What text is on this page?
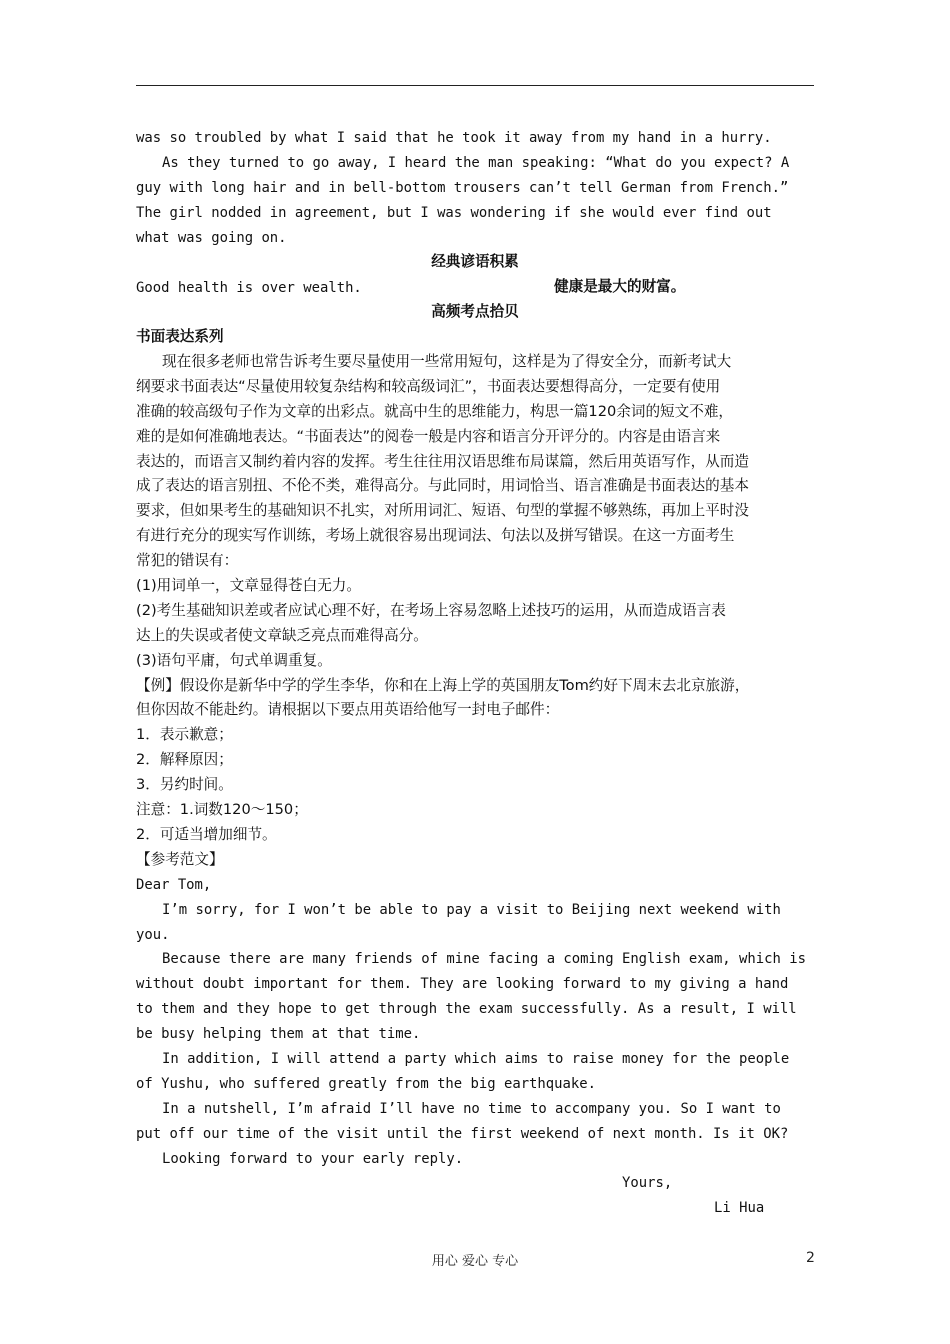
was so troubled by what I said that he took it away from my hand in a hurry.
As they turned to go away, I heard the man speaking: “What do you expect? A
guy with long hair and in bell-bottom trousers can’t tell German from French.”
The girl nodded in agreement, but I was wondering if she would ever find out
what was going on.
经典谚语积累
Good health is over wealth.	健康是最大的财富。
高频考点拾贝
书面表达系列
现在很多老师也常告诉考生要尽量使用一些常用短句，这样是为了得安全分，而新考试大
纲要求书面表达“尽量使用较复杂结构和较高级词汇”，书面表达要想得高分，一定要有使用
准确的较高级句子作为文章的出彩点。就高中生的思维能力，构思一篇120余词的短文不难，
难的是如何准确地表达。“书面表达”的阅卷一般是内容和语言分开评分的。内容是由语言来
表达的，而语言又制约着内容的发挥。考生往往用汉语思维布局谋篇，然后用英语写作，从而造
成了表达的语言别扭、不伦不类，难得高分。与此同时，用词恰当、语言准确是书面表达的基本
要求，但如果考生的基础知识不扎实，对所用词汇、短语、句型的掌握不够熟练，再加上平时没
有进行充分的现实写作训练，考场上就很容易出现词法、句法以及拼写错误。在这一方面考生
常犯的错误有：
(1)用词单一，文章显得苍白无力。
(2)考生基础知识差或者应试心理不好，在考场上容易忽略上述技巧的运用，从而造成语言表
达上的失误或者使文章缺乏亮点而难得高分。
(3)语句平庸，句式单调重复。
【例】假设你是新华中学的学生李华，你和在上海上学的英国朋友Tom约好下周末去北京旅游，
但你因故不能赴约。请根据以下要点用英语给他写一封电子邮件：
1．表示歉意；
2．解释原因；
3．另约时间。
注意：1.词数120～150；
2．可适当增加细节。
【参考范文】
Dear Tom,
I’m sorry, for I won’t be able to pay a visit to Beijing next weekend with
you.
Because there are many friends of mine facing a coming English exam, which is
without doubt important for them. They are looking forward to my giving a hand
to them and they hope to get through the exam successfully. As a result, I will
be busy helping them at that time.
In addition, I will attend a party which aims to raise money for the people
of Yushu, who suffered greatly from the big earthquake.
In a nutshell, I’m afraid I’ll have no time to accompany you. So I want to
put off our time of the visit until the first weekend of next month. Is it OK?
Looking forward to your early reply.
Yours,
Li Hua
用心 爱心 专心	2
